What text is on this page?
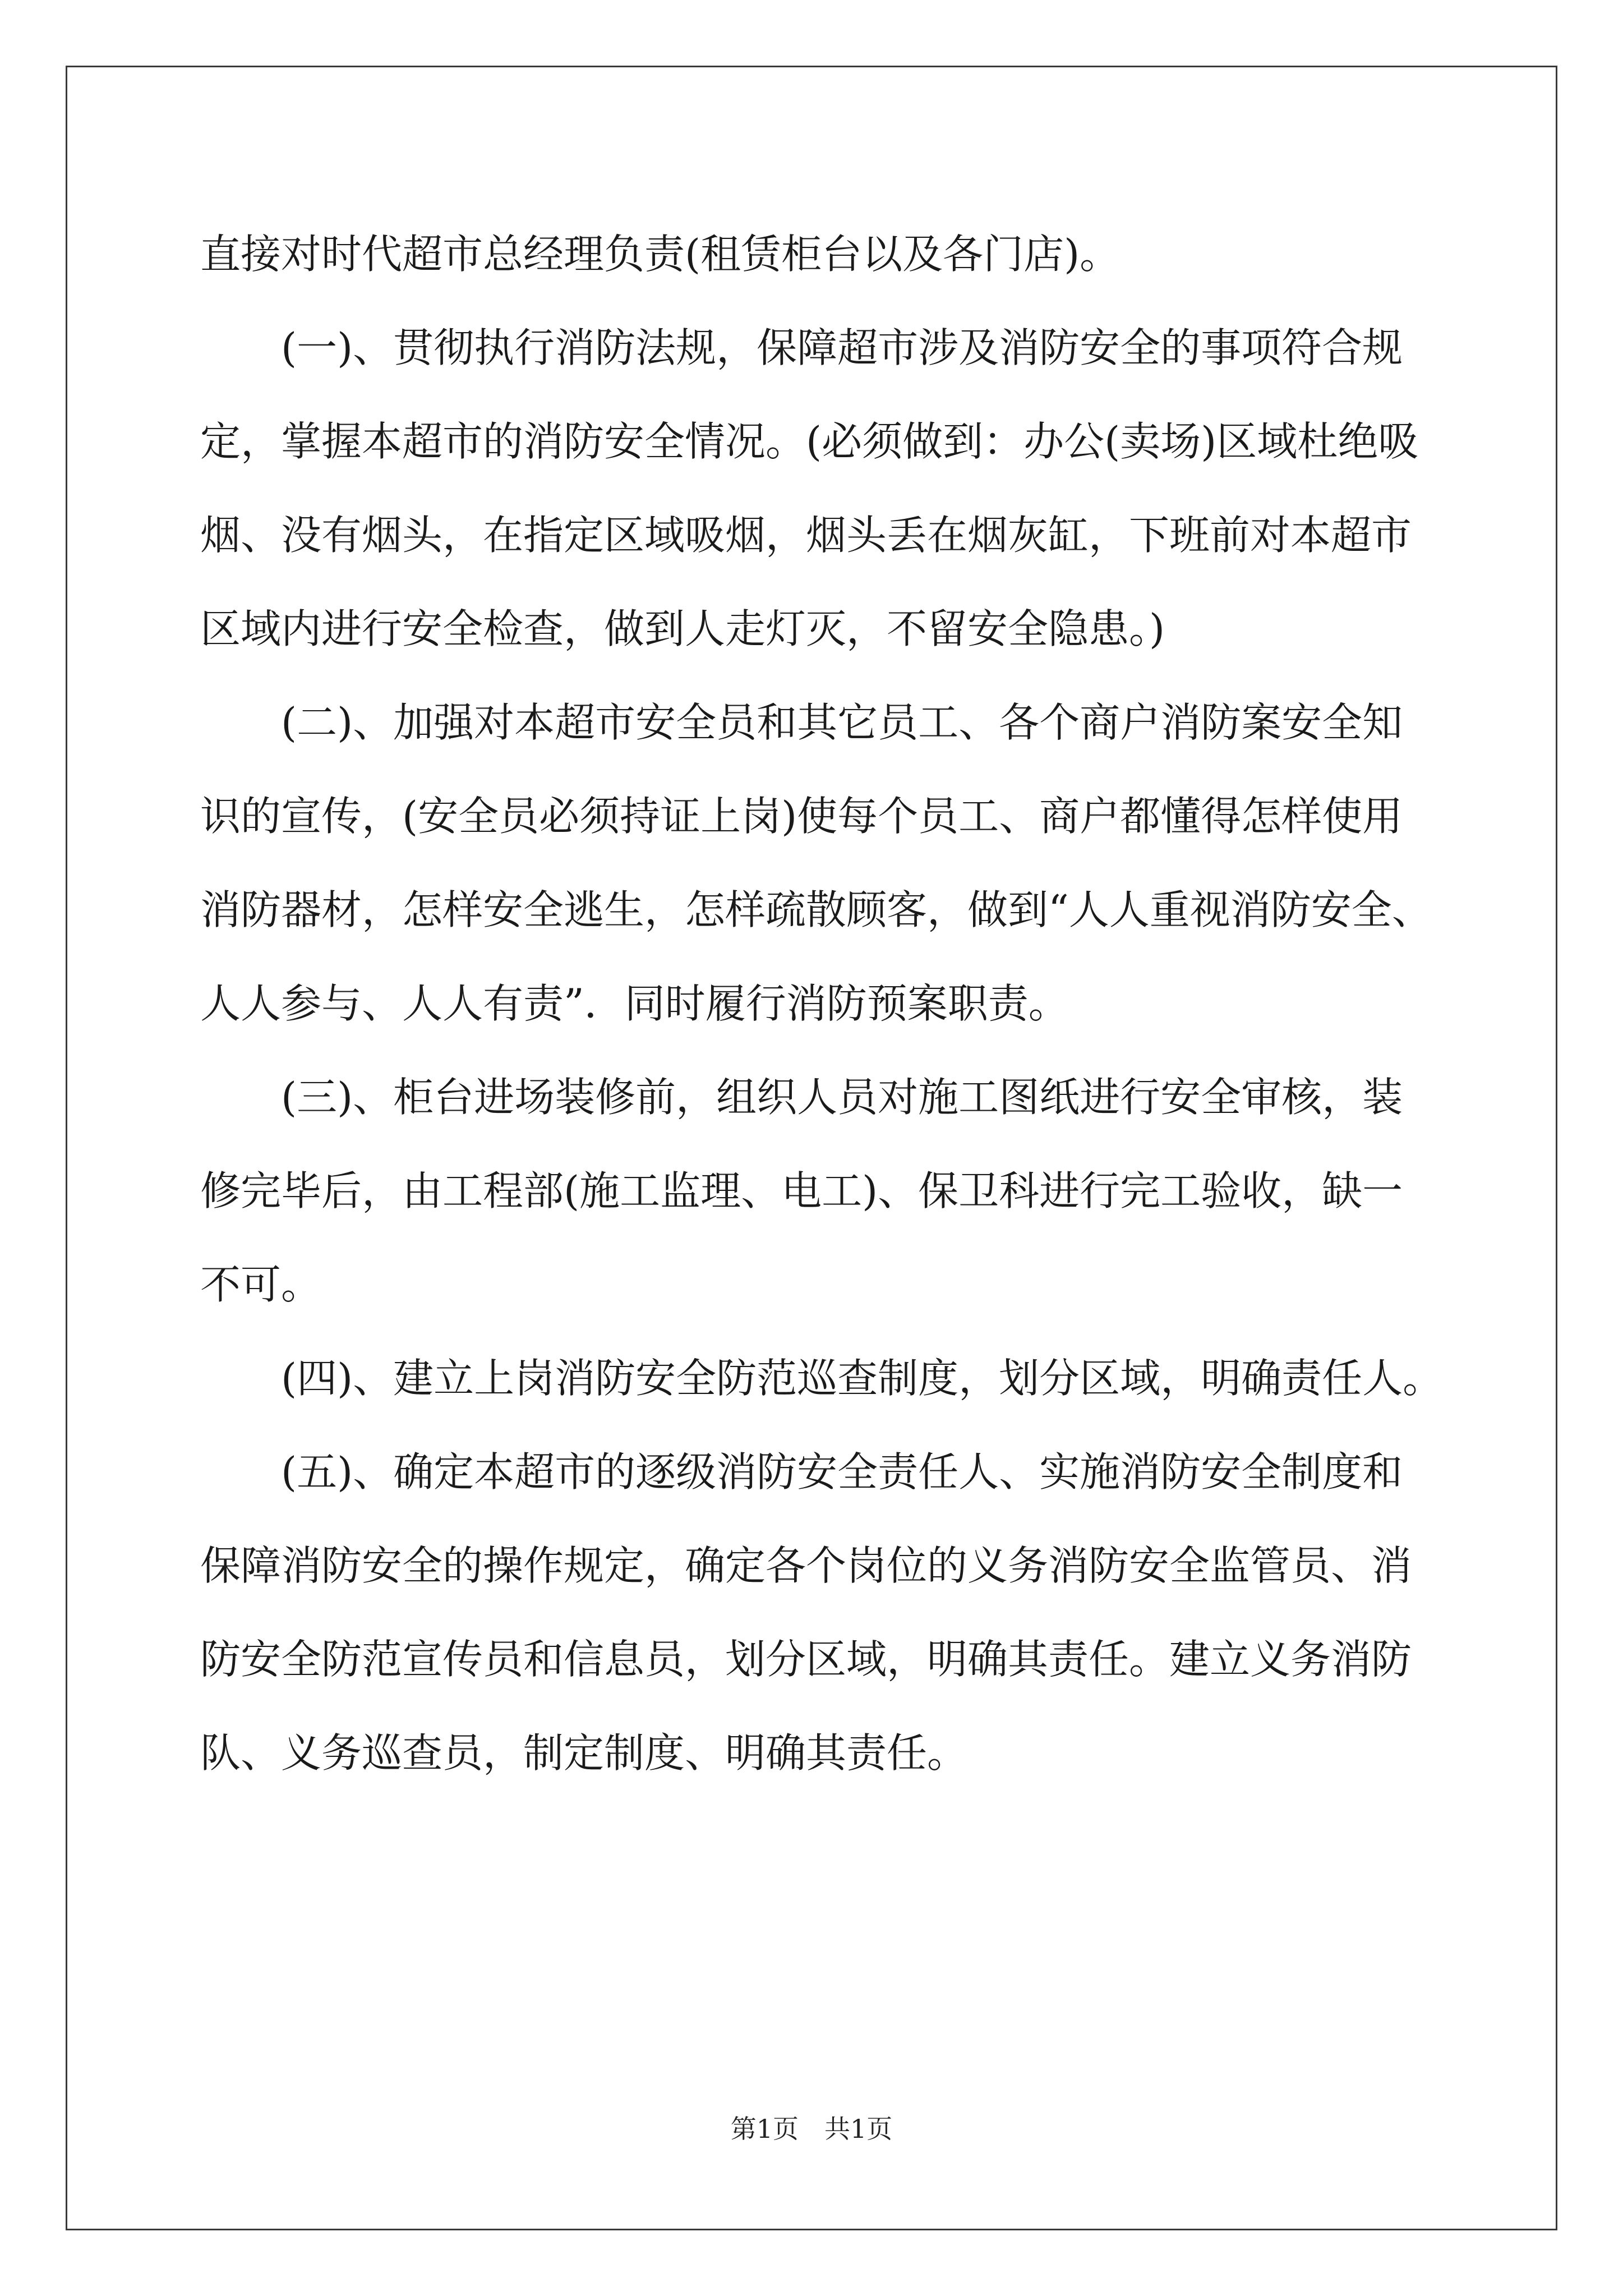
直接对时代超市总经理负责(租赁柜台以及各门店)。
　　(一)、贯彻执行消防法规，保障超市涉及消防安全的事项符合规
定，掌握本超市的消防安全情况。(必须做到：办公(卖场)区域杜绝吸
烟、没有烟头，在指定区域吸烟，烟头丢在烟灰缸，下班前对本超市
区域内进行安全检查，做到人走灯灭，不留安全隐患。)
　　(二)、加强对本超市安全员和其它员工、各个商户消防案安全知
识的宣传，(安全员必须持证上岗)使每个员工、商户都懂得怎样使用
消防器材，怎样安全逃生，怎样疏散顾客，做到“人人重视消防安全、
人人参与、人人有责”．同时履行消防预案职责。
　　(三)、柜台进场装修前，组织人员对施工图纸进行安全审核，装
修完毕后，由工程部(施工监理、电工)、保卫科进行完工验收，缺一
不可。
　　(四)、建立上岗消防安全防范巡查制度，划分区域，明确责任人。
　　(五)、确定本超市的逐级消防安全责任人、实施消防安全制度和
保障消防安全的操作规定，确定各个岗位的义务消防安全监管员、消
防安全防范宣传员和信息员，划分区域，明确其责任。建立义务消防
队、义务巡查员，制定制度、明确其责任。
第1页　共1页
